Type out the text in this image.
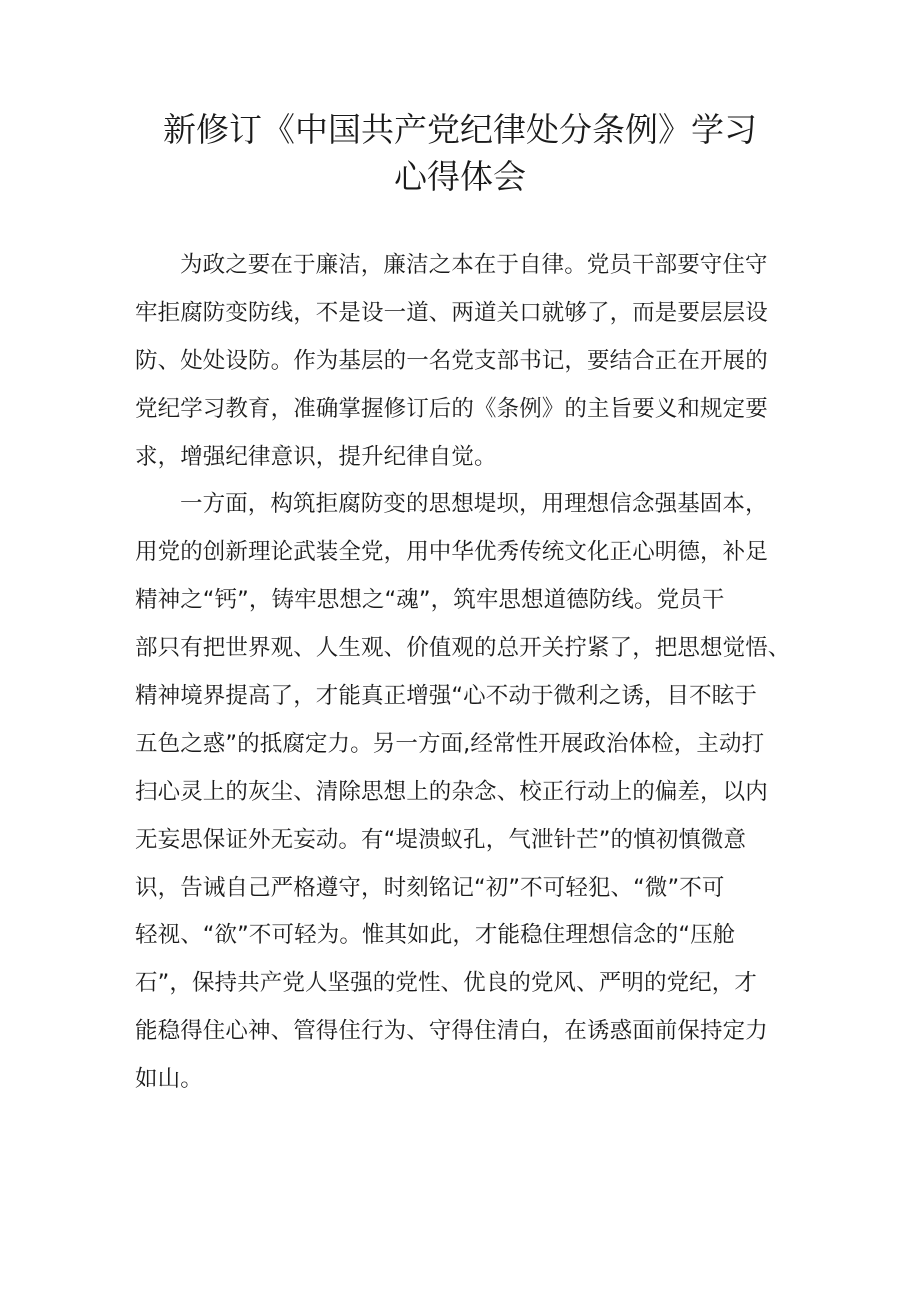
新修订《中国共产党纪律处分条例》学习
心得体会

为政之要在于廉洁，廉洁之本在于自律。党员干部要守住守
牢拒腐防变防线，不是设一道、两道关口就够了，而是要层层设
防、处处设防。作为基层的一名党支部书记，要结合正在开展的
党纪学习教育，准确掌握修订后的《条例》的主旨要义和规定要
求，增强纪律意识，提升纪律自觉。

一方面，构筑拒腐防变的思想堤坝，用理想信念强基固本，
用党的创新理论武装全党，用中华优秀传统文化正心明德，补足
精神之“钙”，铸牢思想之“魂”，筑牢思想道德防线。党员干
部只有把世界观、人生观、价值观的总开关拧紧了，把思想觉悟、
精神境界提高了，才能真正增强“心不动于微利之诱，目不眩于
五色之惑”的抵腐定力。另一方面,经常性开展政治体检，主动打
扫心灵上的灰尘、清除思想上的杂念、校正行动上的偏差，以内
无妄思保证外无妄动。有“堤溃蚁孔，气泄针芒”的慎初慎微意
识，告诫自己严格遵守，时刻铭记“初”不可轻犯、“微”不可
轻视、“欲”不可轻为。惟其如此，才能稳住理想信念的“压舱
石”，保持共产党人坚强的党性、优良的党风、严明的党纪，才
能稳得住心神、管得住行为、守得住清白，在诱惑面前保持定力
如山。
